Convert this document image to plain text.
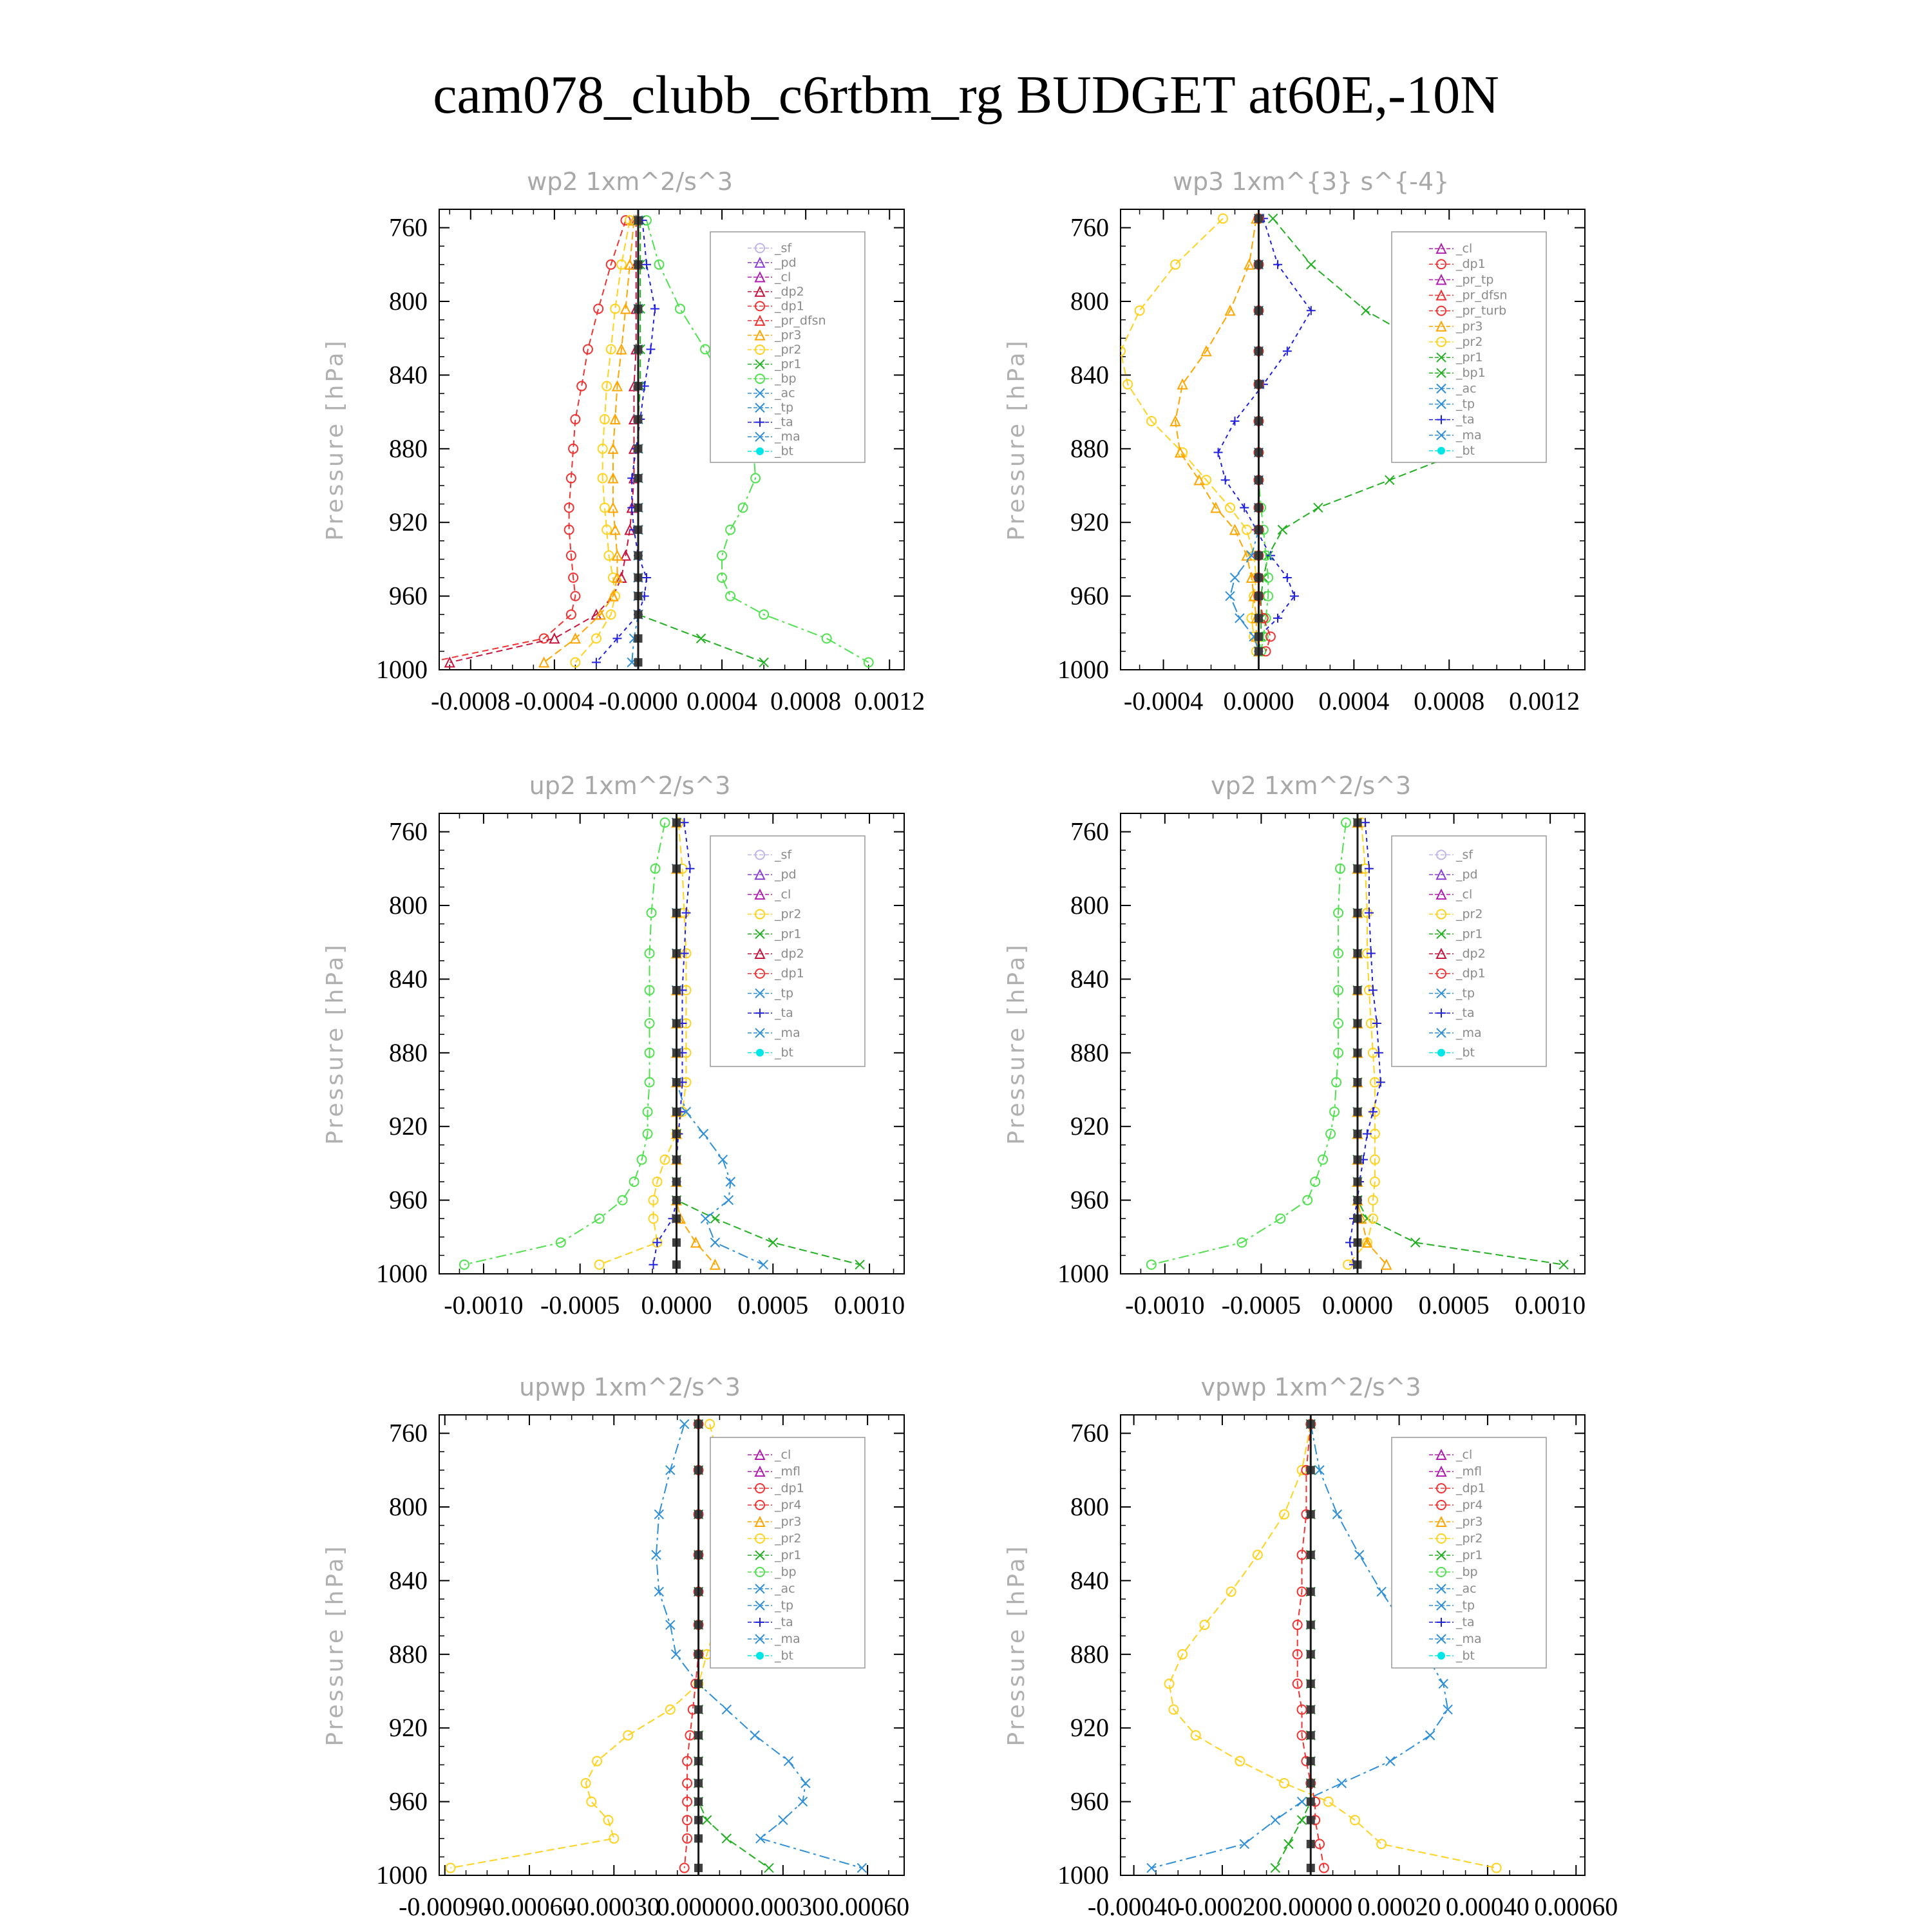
cam078_clubb_c6rtbm_rg BUDGET at60E,-10N
wp2 1xm^2/s^3
Pressure [hPa]
760
800
840
880
920
960
1000
-0.0008 -0.0004 -0.0000 0.0004 0.0008 0.0012
_sf
_pd
_cl
_dp2
_dp1
_pr_dfsn
_pr3
_pr2
_pr1
_bp
_ac
_tp
_ta
_ma
_bt
wp3 1xm^{3} s^{-4}
Pressure [hPa]
760
800
840
880
920
960
1000
-0.0004 0.0000 0.0004 0.0008 0.0012
_cl
_dp1
_pr_tp
_pr_dfsn
_pr_turb
_pr3
_pr2
_pr1
_bp1
_ac
_tp
_ta
_ma
_bt
up2 1xm^2/s^3
Pressure [hPa]
760
800
840
880
920
960
1000
-0.0010 -0.0005 0.0000 0.0005 0.0010
_sf
_pd
_cl
_pr2
_pr1
_dp2
_dp1
_tp
_ta
_ma
_bt
vp2 1xm^2/s^3
Pressure [hPa]
760
800
840
880
920
960
1000
-0.0010 -0.0005 0.0000 0.0005 0.0010
_sf
_pd
_cl
_pr2
_pr1
_dp2
_dp1
_tp
_ta
_ma
_bt
upwp 1xm^2/s^3
Pressure [hPa]
760
800
840
880
920
960
1000
-0.00090
-0.00060
-0.00030
0.00000 0.00030 0.00060
_cl
_mfl
_dp1
_pr4
_pr3
_pr2
_pr1
_bp
_ac
_tp
_ta
_ma
_bt
vpwp 1xm^2/s^3
Pressure [hPa]
760
800
840
880
920
960
1000
-0.00040
-0.00020 0.00000 0.00020 0.00040 0.00060
_cl
_mfl
_dp1
_pr4
_pr3
_pr2
_pr1
_bp
_ac
_tp
_ta
_ma
_bt
